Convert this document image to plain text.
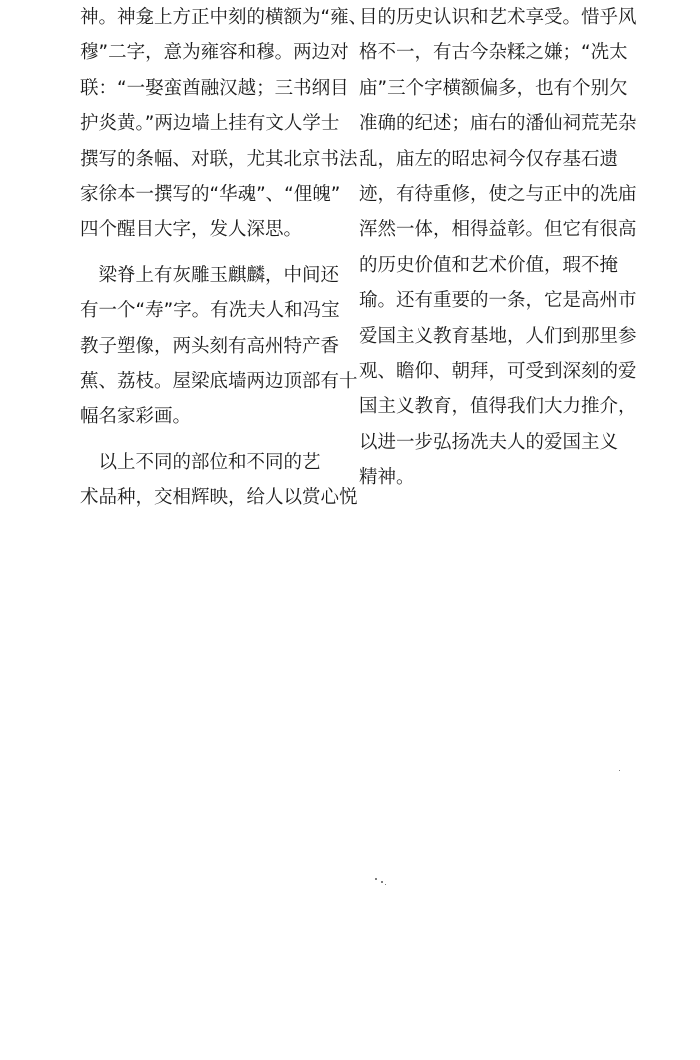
神。神龛上方正中刻的横额为“雍、
穆”二字，意为雍容和穆。两边对
联：“一娶蛮酋融汉越；三书纲目
护炎黄。”两边墙上挂有文人学士
撰写的条幅、对联，尤其北京书法
家徐本一撰写的“华魂”、“俚魄”
四个醒目大字，发人深思。
　梁脊上有灰雕玉麒麟，中间还
有一个“寿”字。有冼夫人和冯宝
教子塑像，两头刻有高州特产香
蕉、荔枝。屋梁底墙两边顶部有十
幅名家彩画。
　以上不同的部位和不同的艺
术品种，交相辉映，给人以赏心悦
目的历史认识和艺术享受。惜乎风
格不一，有古今杂糅之嫌；“冼太
庙”三个字横额偏多，也有个别欠
准确的纪述；庙右的潘仙祠荒芜杂
乱，庙左的昭忠祠今仅存基石遗
迹，有待重修，使之与正中的冼庙
浑然一体，相得益彰。但它有很高
的历史价值和艺术价值，瑕不掩
瑜。还有重要的一条，它是高州市
爱国主义教育基地，人们到那里参
观、瞻仰、朝拜，可受到深刻的爱
国主义教育，值得我们大力推介，
以进一步弘扬冼夫人的爱国主义
精神。
